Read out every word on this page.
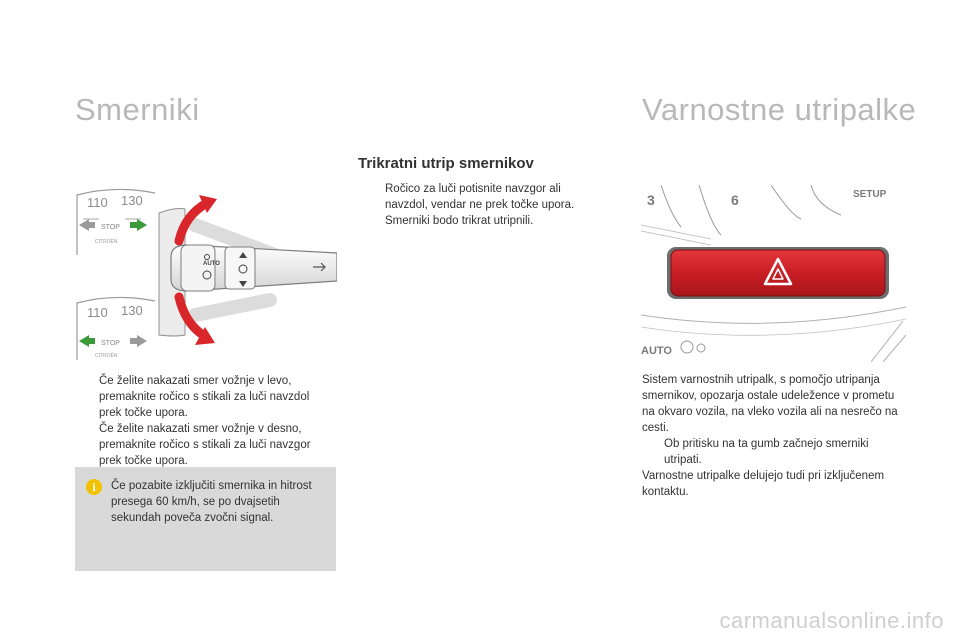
Smerniki	Varnostne utripalke
110 130
STOP
CITROËN
110 130
STOP
CITROËN
AUTO
Trikratni utrip smernikov
Ročico za luči potisnite navzgor ali navzdol, vendar ne prek točke upora. Smerniki bodo trikrat utripnili.
Če želite nakazati smer vožnje v levo, premaknite ročico s stikali za luči navzdol prek točke upora.
Če želite nakazati smer vožnje v desno, premaknite ročico s stikali za luči navzgor prek točke upora.
i	Če pozabite izključiti smernika in hitrost presega 60 km/h, se po dvajsetih sekundah poveča zvočni signal.
3	6	SETUP
AUTO

Sistem varnostnih utripalk, s pomočjo utripanja smernikov, opozarja ostale udeležence v prometu na okvaro vozila, na vleko vozila ali na nesrečo na cesti.

Ob pritisku na ta gumb začnejo smerniki utripati.

Varnostne utripalke delujejo tudi pri izključenem kontaktu.

carmanualsonline.info
